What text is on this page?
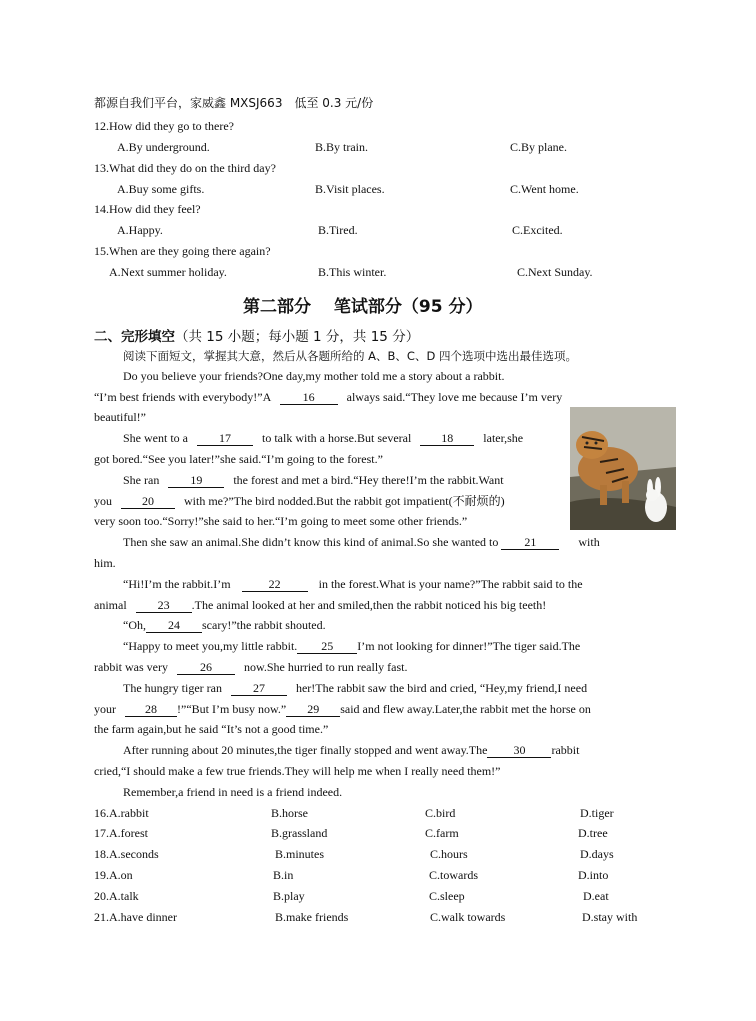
都源自我们平台，家威鑫 MXSJ663　低至 0.3 元/份
12.How did they go to there?
A.By underground.	B.By train.	C.By plane.
13.What did they do on the third day?
A.Buy some gifts.	B.Visit places.	C.Went home.
14.How did they feel?
A.Happy.	B.Tired.	C.Excited.
15.When are they going there again?
A.Next summer holiday.	B.This winter.	C.Next Sunday.
第二部分　 笔试部分（95 分）
二、完形填空（共 15 小题；每小题 1 分，共 15 分）
阅读下面短文，掌握其大意，然后从各题所给的 A、B、C、D 四个选项中选出最佳选项。
Do you believe your friends?One day,my mother told me a story about a rabbit.
“I’m best friends with everybody!”A	16	always said.“They love me because I’m very
beautiful!”
She went to a	17	to talk with a horse.But several	18	later,she
got bored.“See you later!”she said.“I’m going to the forest.”
She ran	19	the forest and met a bird.“Hey there!I’m the rabbit.Want
you	20	with me?”The bird nodded.But the rabbit got impatient(不耐烦的)
very soon too.“Sorry!”she said to her.“I’m going to meet some other friends.”
Then she saw an animal.She didn’t know this kind of animal.So she wanted to 21	with
him.
“Hi!I’m the rabbit.I’m	22	in the forest.What is your name?”The rabbit said to the
animal	23 .The animal looked at her and smiled,then the rabbit noticed his big teeth!
“Oh, 24 scary!”the rabbit shouted.
“Happy to meet you,my little rabbit. 25 I’m not looking for dinner!”The tiger said.The
rabbit was very	26	now.She hurried to run really fast.
The hungry tiger ran	27	her!The rabbit saw the bird and cried, “Hey,my friend,I need
your 28 !”“But I’m busy now.” 29 said and flew away.Later,the rabbit met the horse on
the farm again,but he said “It’s not a good time.”
After running about 20 minutes,the tiger finally stopped and went away.The 30 rabbit
cried,“I should make a few true friends.They will help me when I really need them!”
Remember,a friend in need is a friend indeed.
16.A.rabbit	B.horse	C.bird	D.tiger
17.A.forest	B.grassland	C.farm	D.tree
18.A.seconds	B.minutes	C.hours	D.days
19.A.on	B.in	C.towards	D.into
20.A.talk	B.play	C.sleep	D.eat
21.A.have dinner	B.make friends	C.walk towards	D.stay with
